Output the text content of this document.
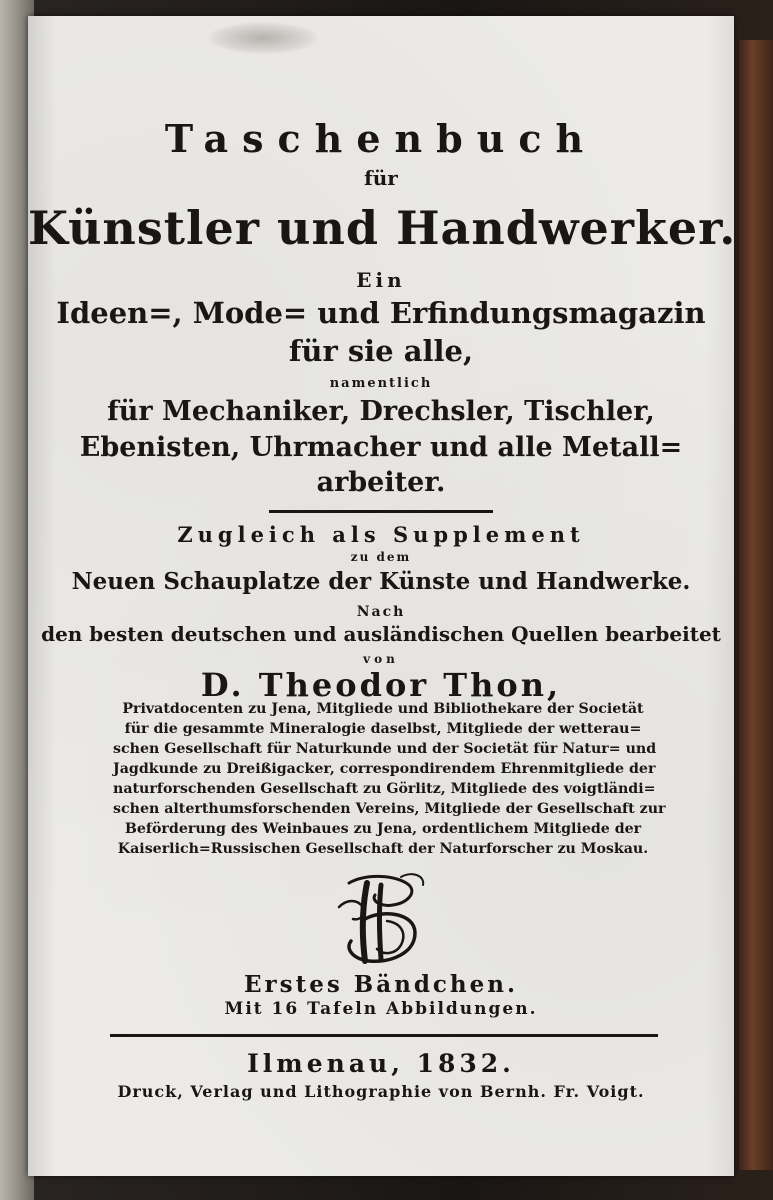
Taschenbuch
für
Künstler und Handwerker.
Ein
Ideen=, Mode= und Erfindungsmagazin
für sie alle,
namentlich
für Mechaniker, Drechsler, Tischler,
Ebenisten, Uhrmacher und alle Metall=
arbeiter.
Zugleich als Supplement
zu dem
Neuen Schauplatze der Künste und Handwerke.
Nach
den besten deutschen und ausländischen Quellen bearbeitet
von
D. Theodor Thon,
Privatdocenten zu Jena, Mitgliede und Bibliothekare der Societät
für die gesammte Mineralogie daselbst, Mitgliede der wetterau=
schen Gesellschaft für Naturkunde und der Societät für Natur= und
Jagdkunde zu Dreißigacker, correspondirendem Ehrenmitgliede der
naturforschenden Gesellschaft zu Görlitz, Mitgliede des voigtländi=
schen alterthumsforschenden Vereins, Mitgliede der Gesellschaft zur
Beförderung des Weinbaues zu Jena, ordentlichem Mitgliede der
Kaiserlich=Russischen Gesellschaft der Naturforscher zu Moskau.
Erstes Bändchen.
Mit 16 Tafeln Abbildungen.
Ilmenau, 1832.
Druck, Verlag und Lithographie von Bernh. Fr. Voigt.
